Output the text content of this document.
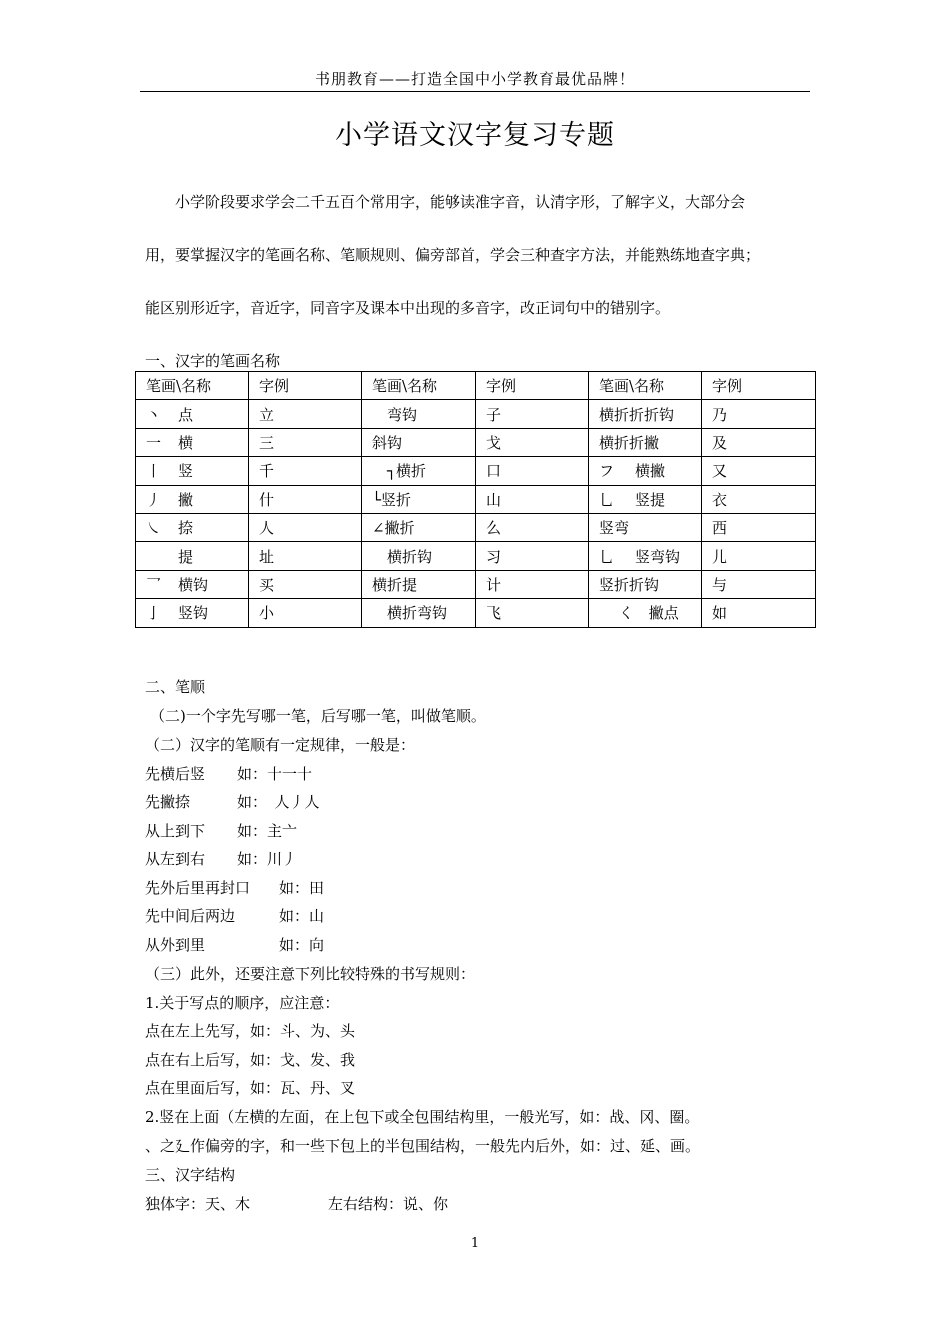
书朋教育——打造全国中小学教育最优品牌！
小学语文汉字复习专题

　　小学阶段要求学会二千五百个常用字，能够读准字音，认清字形，了解字义，大部分会

用，要掌握汉字的笔画名称、笔顺规则、偏旁部首，学会三种查字方法，并能熟练地查字典；

能区别形近字，音近字，同音字及课本中出现的多音字，改正词句中的错别字。

一、汉字的笔画名称
笔画\名称	字例	笔画\名称	字例	笔画\名称	字例
丶 点	立	　弯钩	子	横折折折钩	乃
一 横	三	斜钩	戈	横折折撇	及
丨 竖	千	　┐横折	口	フ 横撇	又
丿 撇	什	└竖折	山	乚 竖提	衣
㇏ 捺	人	∠撇折	么	竖弯	西
提	址	　横折钩	习	乚 竖弯钩	儿
乛 横钩	买	横折提	计	竖折折钩	与
亅 竖钩	小	　横折弯钩	飞	　 く　撇点	如
二、笔顺
（二)一个字先写哪一笔，后写哪一笔，叫做笔顺。
（二）汉字的笔顺有一定规律，一般是：
先横后竖 如：十一十
先撇捺	如：　人丿人
从上到下 如：主亠
从左到右 如：川丿
先外后里再封口 如：田
先中间后两边	如：山
从外到里	如：向
（三）此外，还要注意下列比较特殊的书写规则：
1.关于写点的顺序，应注意：
点在左上先写，如：斗、为、头
点在右上后写，如：戈、发、我
点在里面后写，如：瓦、丹、叉
2.竖在上面（左横的左面，在上包下或全包围结构里，一般光写，如：战、冈、圈。
、之廴作偏旁的字，和一些下包上的半包围结构，一般先内后外，如：过、延、画。
三、汉字结构
独体字：天、木	左右结构：说、你
1
